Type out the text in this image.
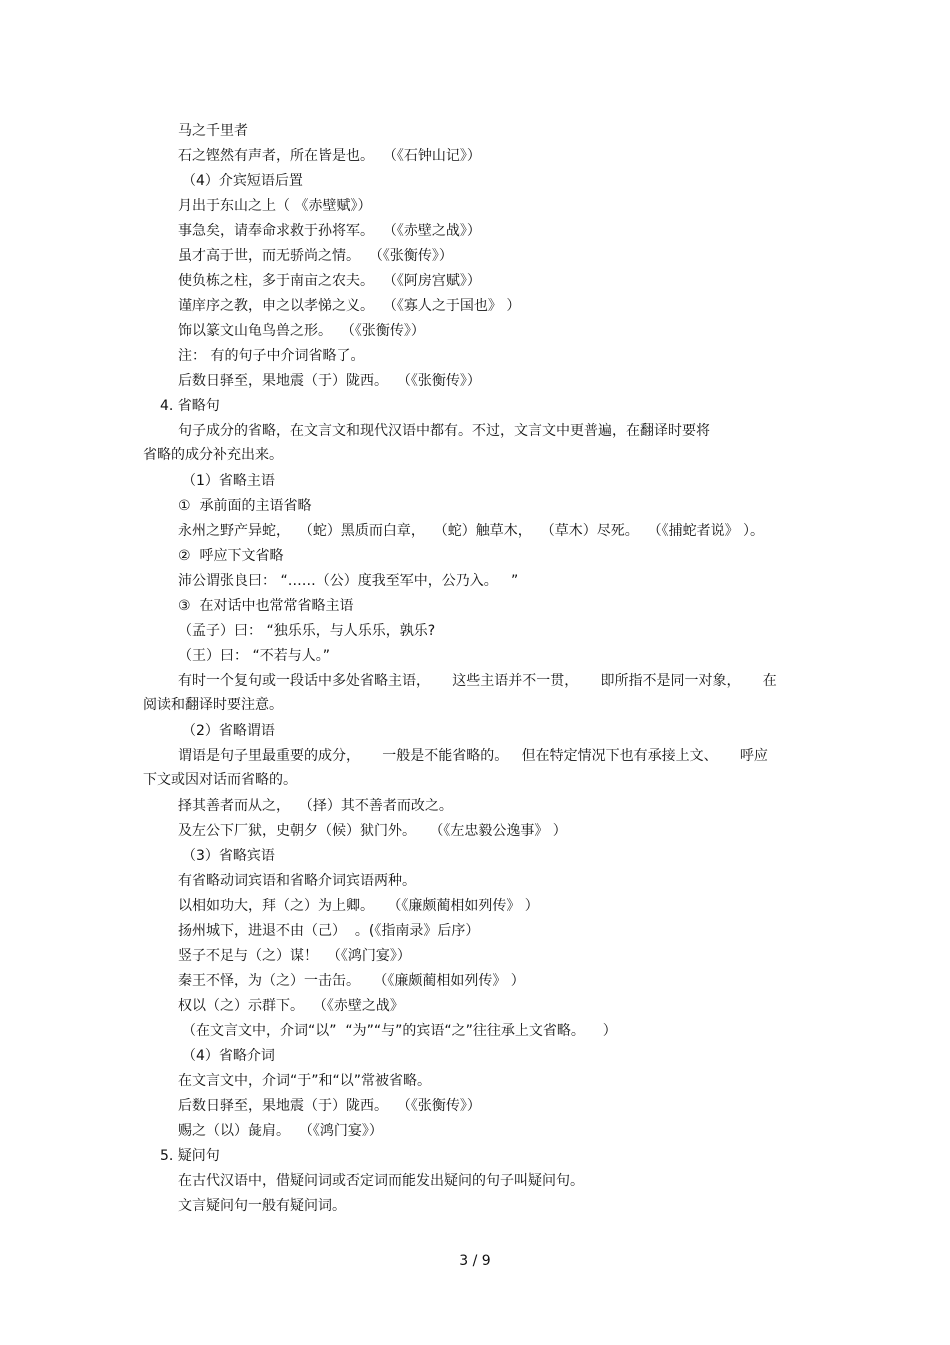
马之千里者
石之铿然有声者，所在皆是也。  （《石钟山记》）
（4）介宾短语后置
月出于东山之上（ 《赤壁赋》）
事急矣，请奉命求救于孙将军。  （《赤壁之战》）
虽才高于世，而无骄尚之情。  （《张衡传》）
使负栋之柱，多于南亩之农夫。  （《阿房宫赋》）
谨庠序之教，申之以孝悌之义。  （《寡人之于国也》 ）
饰以篆文山龟鸟兽之形。  （《张衡传》）
注： 有的句子中介词省略了。
后数日驿至，果地震（于）陇西。  （《张衡传》）
4. 省略句
句子成分的省略，在文言文和现代汉语中都有。不过，文言文中更普遍，在翻译时要将
省略的成分补充出来。
（1）省略主语
①  承前面的主语省略
永州之野产异蛇，  （蛇）黑质而白章，  （蛇）触草木，  （草木）尽死。  （《捕蛇者说》 ）。
②  呼应下文省略
沛公谓张良曰： “……（公）度我至军中，公乃入。   ”
③  在对话中也常常省略主语
（孟子）曰： “独乐乐，与人乐乐，孰乐?
（王）曰： “不若与人。”
有时一个复句或一段话中多处省略主语，     这些主语并不一贯，     即所指不是同一对象，     在
阅读和翻译时要注意。
（2）省略谓语
谓语是句子里最重要的成分，     一般是不能省略的。   但在特定情况下也有承接上文、     呼应
下文或因对话而省略的。
择其善者而从之，  （择）其不善者而改之。
及左公下厂狱，史朝夕（候）狱门外。   （《左忠毅公逸事》 ）
（3）省略宾语
有省略动词宾语和省略介词宾语两种。
以相如功大，拜（之）为上卿。   （《廉颇蔺相如列传》 ）
扬州城下，进退不由（己）  。(《指南录》后序）
竖子不足与（之）谋！  （《鸿门宴》）
秦王不怿，为（之）一击缶。   （《廉颇蔺相如列传》 ）
权以（之）示群下。  （《赤壁之战》
（在文言文中，介词“以”  “为”“与”的宾语“之”往往承上文省略。    ）
（4）省略介词
在文言文中，介词“于”和“以”常被省略。
后数日驿至，果地震（于）陇西。  （《张衡传》）
赐之（以）彘肩。  （《鸿门宴》）
5. 疑问句
在古代汉语中，借疑问词或否定词而能发出疑问的句子叫疑问句。
文言疑问句一般有疑问词。
3 / 9
